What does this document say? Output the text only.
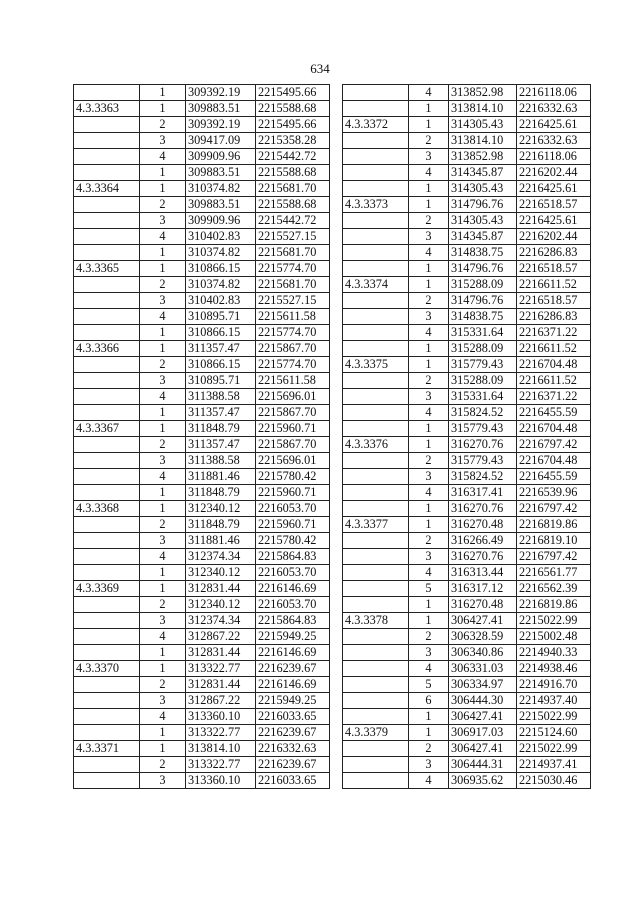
634
	1	309392.19	2215495.66
4.3.3363	1	309883.51	2215588.68
	2	309392.19	2215495.66
	3	309417.09	2215358.28
	4	309909.96	2215442.72
	1	309883.51	2215588.68
4.3.3364	1	310374.82	2215681.70
	2	309883.51	2215588.68
	3	309909.96	2215442.72
	4	310402.83	2215527.15
	1	310374.82	2215681.70
4.3.3365	1	310866.15	2215774.70
	2	310374.82	2215681.70
	3	310402.83	2215527.15
	4	310895.71	2215611.58
	1	310866.15	2215774.70
4.3.3366	1	311357.47	2215867.70
	2	310866.15	2215774.70
	3	310895.71	2215611.58
	4	311388.58	2215696.01
	1	311357.47	2215867.70
4.3.3367	1	311848.79	2215960.71
	2	311357.47	2215867.70
	3	311388.58	2215696.01
	4	311881.46	2215780.42
	1	311848.79	2215960.71
4.3.3368	1	312340.12	2216053.70
	2	311848.79	2215960.71
	3	311881.46	2215780.42
	4	312374.34	2215864.83
	1	312340.12	2216053.70
4.3.3369	1	312831.44	2216146.69
	2	312340.12	2216053.70
	3	312374.34	2215864.83
	4	312867.22	2215949.25
	1	312831.44	2216146.69
4.3.3370	1	313322.77	2216239.67
	2	312831.44	2216146.69
	3	312867.22	2215949.25
	4	313360.10	2216033.65
	1	313322.77	2216239.67
4.3.3371	1	313814.10	2216332.63
	2	313322.77	2216239.67
	3	313360.10	2216033.65
	4	313852.98	2216118.06
	1	313814.10	2216332.63
4.3.3372	1	314305.43	2216425.61
	2	313814.10	2216332.63
	3	313852.98	2216118.06
	4	314345.87	2216202.44
	1	314305.43	2216425.61
4.3.3373	1	314796.76	2216518.57
	2	314305.43	2216425.61
	3	314345.87	2216202.44
	4	314838.75	2216286.83
	1	314796.76	2216518.57
4.3.3374	1	315288.09	2216611.52
	2	314796.76	2216518.57
	3	314838.75	2216286.83
	4	315331.64	2216371.22
	1	315288.09	2216611.52
4.3.3375	1	315779.43	2216704.48
	2	315288.09	2216611.52
	3	315331.64	2216371.22
	4	315824.52	2216455.59
	1	315779.43	2216704.48
4.3.3376	1	316270.76	2216797.42
	2	315779.43	2216704.48
	3	315824.52	2216455.59
	4	316317.41	2216539.96
	1	316270.76	2216797.42
4.3.3377	1	316270.48	2216819.86
	2	316266.49	2216819.10
	3	316270.76	2216797.42
	4	316313.44	2216561.77
	5	316317.12	2216562.39
	1	316270.48	2216819.86
4.3.3378	1	306427.41	2215022.99
	2	306328.59	2215002.48
	3	306340.86	2214940.33
	4	306331.03	2214938.46
	5	306334.97	2214916.70
	6	306444.30	2214937.40
	1	306427.41	2215022.99
4.3.3379	1	306917.03	2215124.60
	2	306427.41	2215022.99
	3	306444.31	2214937.41
	4	306935.62	2215030.46
